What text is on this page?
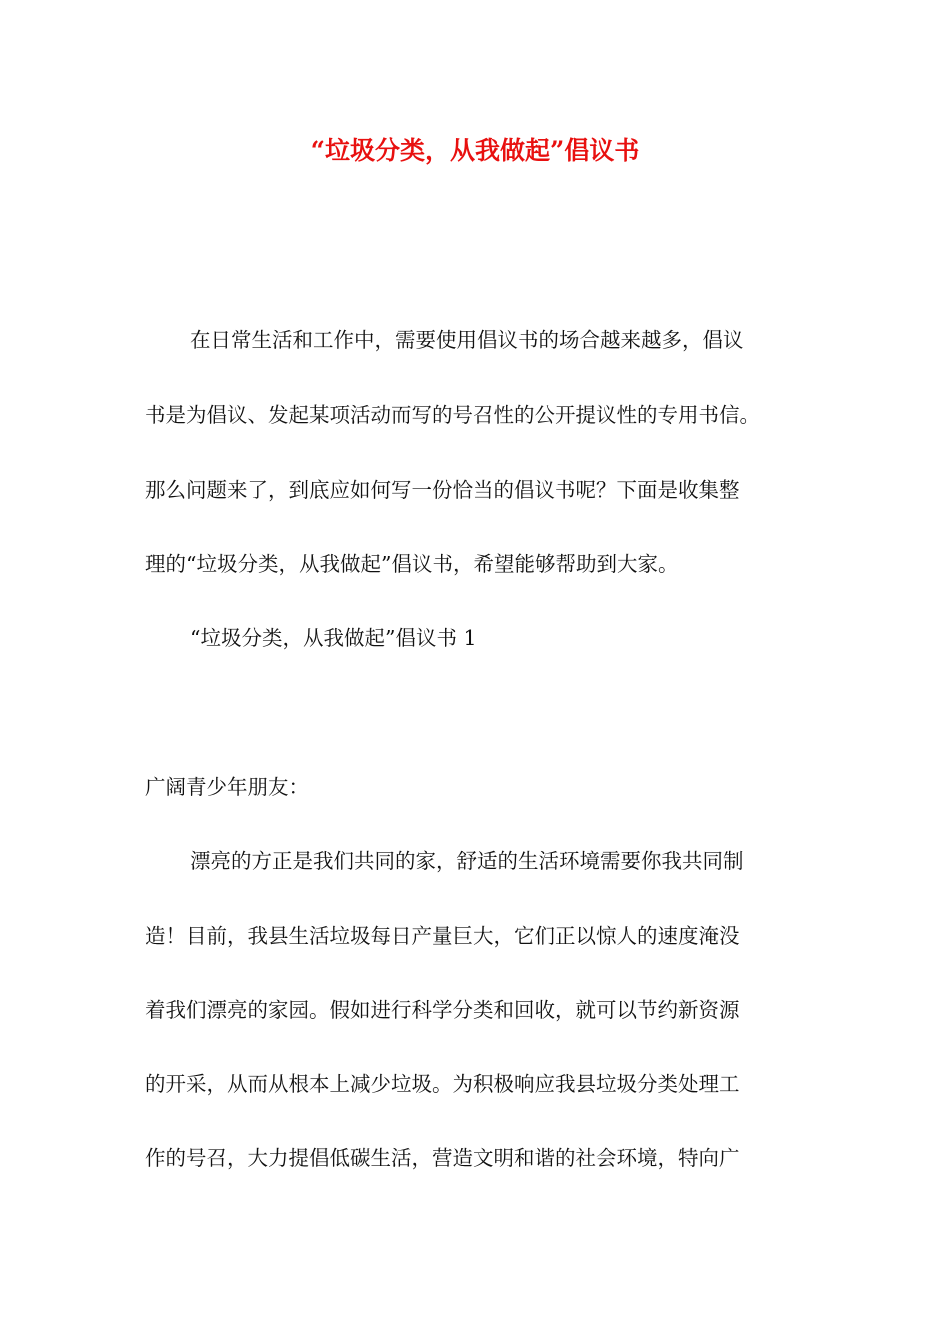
“垃圾分类，从我做起”倡议书
在日常生活和工作中，需要使用倡议书的场合越来越多，倡议
书是为倡议、发起某项活动而写的号召性的公开提议性的专用书信。
那么问题来了，到底应如何写一份恰当的倡议书呢？下面是收集整
理的“垃圾分类，从我做起”倡议书，希望能够帮助到大家。
“垃圾分类，从我做起”倡议书 1
广阔青少年朋友：
漂亮的方正是我们共同的家，舒适的生活环境需要你我共同制
造！目前，我县生活垃圾每日产量巨大，它们正以惊人的速度淹没
着我们漂亮的家园。假如进行科学分类和回收，就可以节约新资源
的开采，从而从根本上减少垃圾。为积极响应我县垃圾分类处理工
作的号召，大力提倡低碳生活，营造文明和谐的社会环境，特向广
